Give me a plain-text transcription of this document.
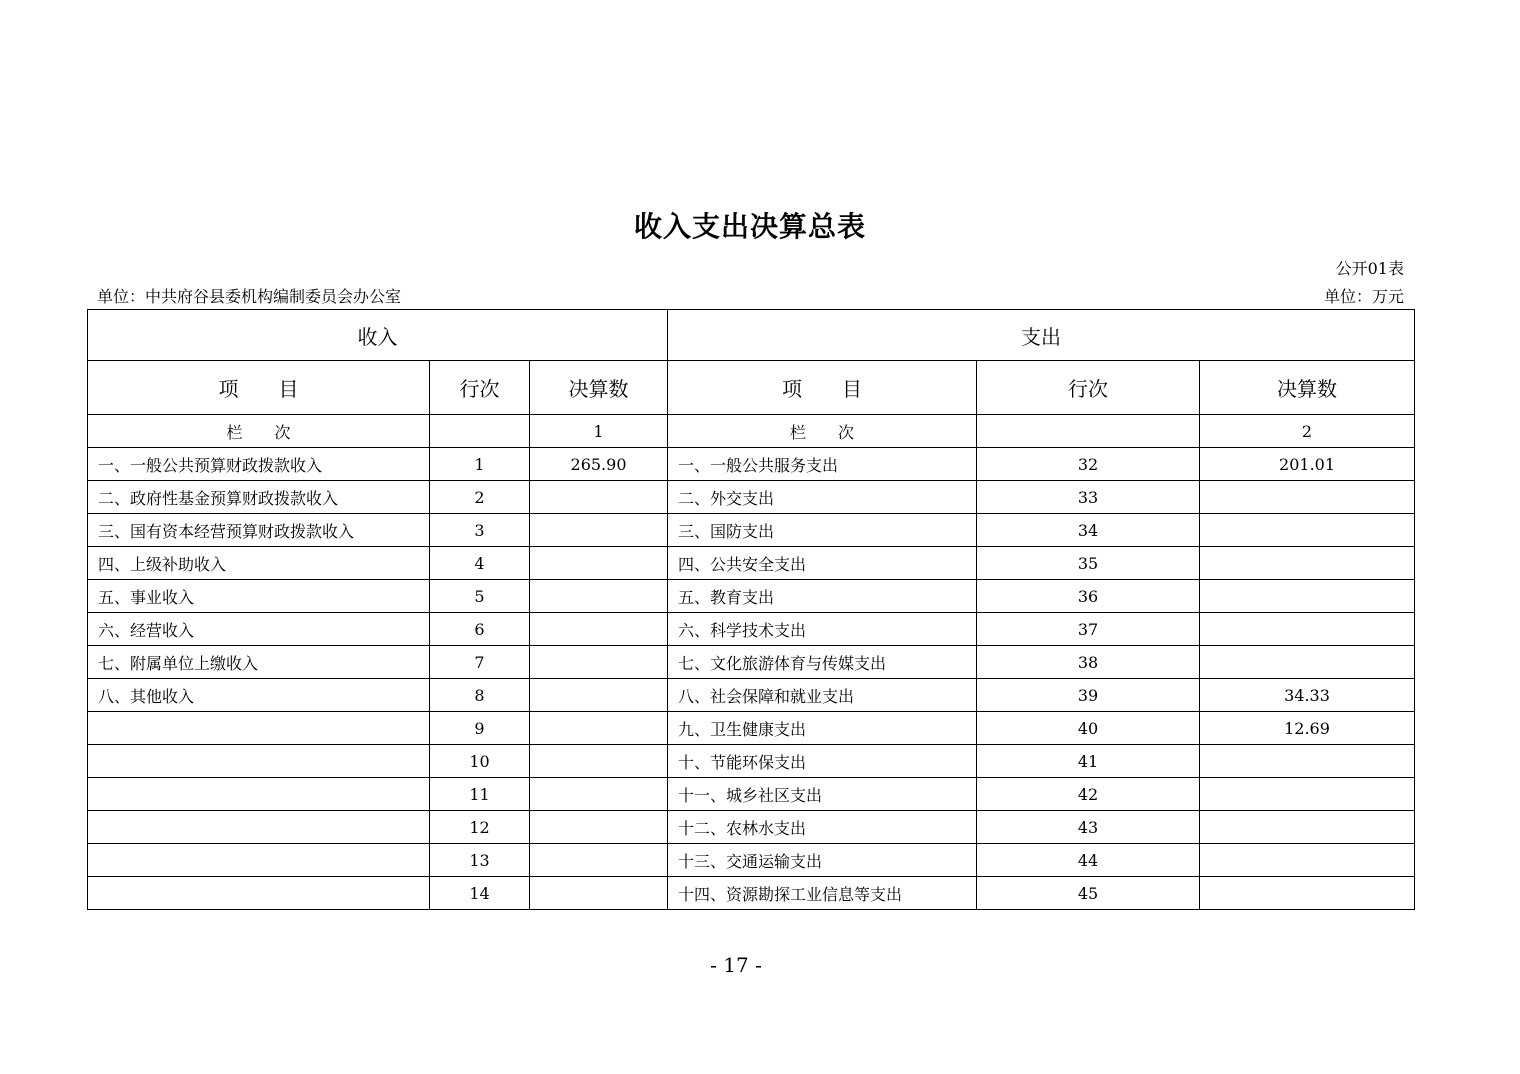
收入支出决算总表
公开01表
单位：中共府谷县委机构编制委员会办公室	单位：万元
收入			支出		
项　　目	行次	决算数	项　　目	行次	决算数
栏　　次		1	栏　　次		2
一、一般公共预算财政拨款收入	1	265.90	一、一般公共服务支出	32	201.01
二、政府性基金预算财政拨款收入	2		二、外交支出	33	
三、国有资本经营预算财政拨款收入	3		三、国防支出	34	
四、上级补助收入	4		四、公共安全支出	35	
五、事业收入	5		五、教育支出	36	
六、经营收入	6		六、科学技术支出	37	
七、附属单位上缴收入	7		七、文化旅游体育与传媒支出	38	
八、其他收入	8		八、社会保障和就业支出	39	34.33
	9		九、卫生健康支出	40	12.69
	10		十、节能环保支出	41	
	11		十一、城乡社区支出	42	
	12		十二、农林水支出	43	
	13		十三、交通运输支出	44	
	14		十四、资源勘探工业信息等支出	45	
- 17 -
